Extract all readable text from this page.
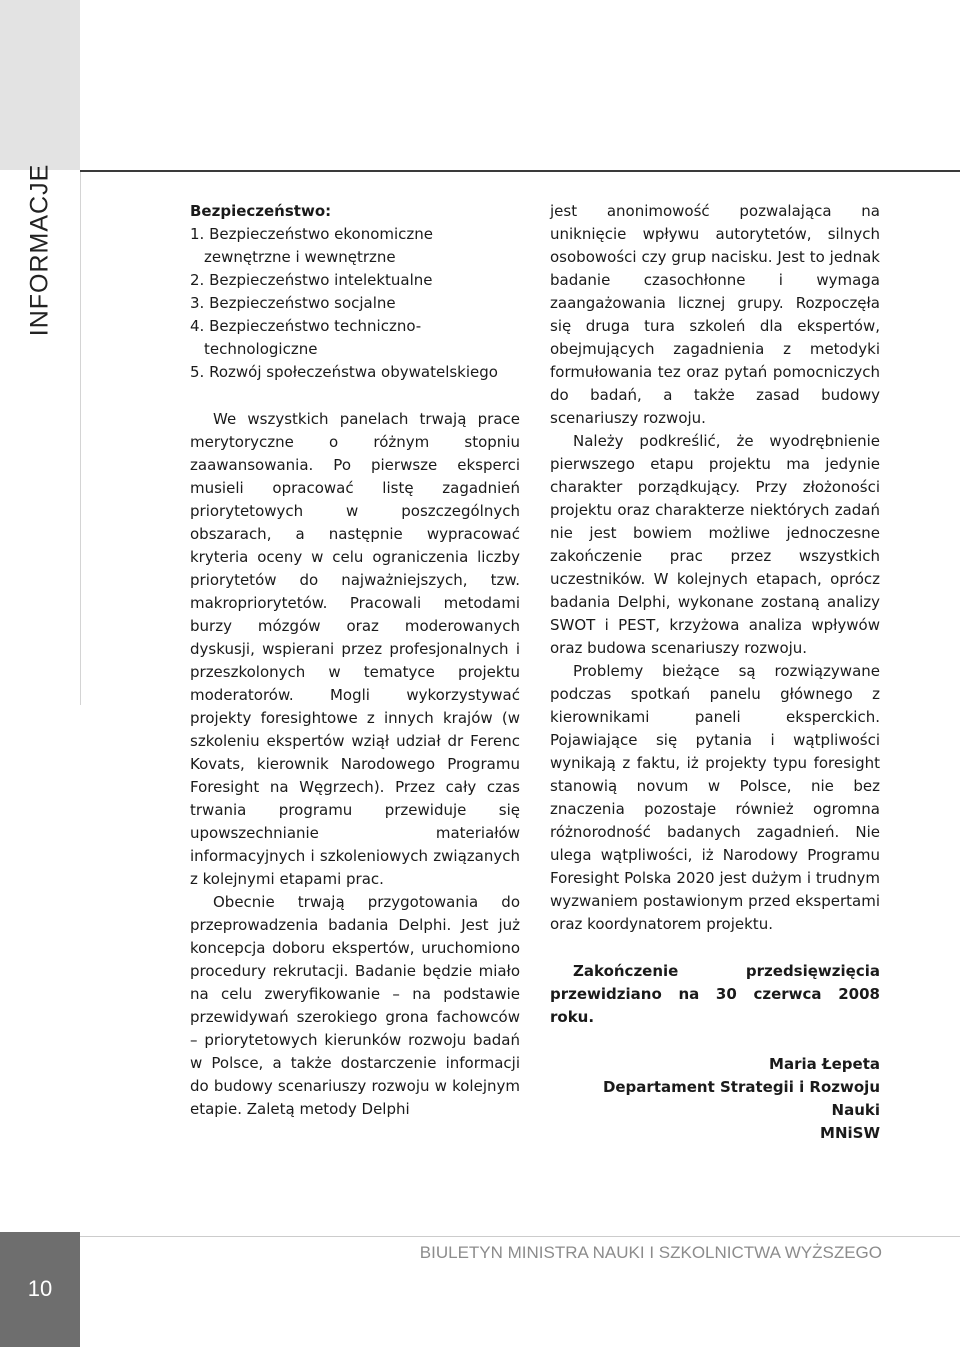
INFORMACJE	Bezpieczeństwo:

1. Bezpieczeństwo ekonomiczne zewnętrzne i wewnętrzne
2. Bezpieczeństwo intelektualne
3. Bezpieczeństwo socjalne
4. Bezpieczeństwo techniczno-technologiczne
5. Rozwój społeczeństwa obywatelskiego

We wszystkich panelach trwają prace merytoryczne o różnym stopniu zaawansowania. Po pierwsze eksperci musieli opracować listę zagadnień priorytetowych w poszczególnych obszarach, a następnie wypracować kryteria oceny w celu ograniczenia liczby priorytetów do najważniejszych, tzw. makropriorytetów. Pracowali metodami burzy mózgów oraz moderowanych dyskusji, wspierani przez profesjonalnych i przeszkolonych w tematyce projektu moderatorów. Mogli wykorzystywać projekty foresightowe z innych krajów (w szkoleniu ekspertów wziął udział dr Ferenc Kovats, kierownik Narodowego Programu Foresight na Węgrzech). Przez cały czas trwania programu przewiduje się upowszechnianie materiałów informacyjnych i szkoleniowych związanych z kolejnymi etapami prac.

Obecnie trwają przygotowania do przeprowadzenia badania Delphi. Jest już koncepcja doboru ekspertów, uruchomiono procedury rekrutacji. Badanie będzie miało na celu zweryfikowanie – na podstawie przewidywań szerokiego grona fachowców – priorytetowych kierunków rozwoju badań w Polsce, a także dostarczenie informacji do budowy scenariuszy rozwoju w kolejnym etapie. Zaletą metody Delphi

jest anonimowość pozwalająca na uniknięcie wpływu autorytetów, silnych osobowości czy grup nacisku. Jest to jednak badanie czasochłonne i wymaga zaangażowania licznej grupy. Rozpoczęła się druga tura szkoleń dla ekspertów, obejmujących zagadnienia z metodyki formułowania tez oraz pytań pomocniczych do badań, a także zasad budowy scenariuszy rozwoju.

Należy podkreślić, że wyodrębnienie pierwszego etapu projektu ma jedynie charakter porządkujący. Przy złożoności projektu oraz charakterze niektórych zadań nie jest bowiem możliwe jednoczesne zakończenie prac przez wszystkich uczestników. W kolejnych etapach, oprócz badania Delphi, wykonane zostaną analizy SWOT i PEST, krzyżowa analiza wpływów oraz budowa scenariuszy rozwoju.

Problemy bieżące są rozwiązywane podczas spotkań panelu głównego z kierownikami paneli eksperckich. Pojawiające się pytania i wątpliwości wynikają z faktu, iż projekty typu foresight stanowią novum w Polsce, nie bez znaczenia pozostaje również ogromna różnorodność badanych zagadnień. Nie ulega wątpliwości, iż Narodowy Programu Foresight Polska 2020 jest dużym i trudnym wyzwaniem postawionym przed ekspertami oraz koordynatorem projektu.

Zakończenie przedsięwzięcia przewidziano na 30 czerwca 2008 roku.

Maria Łepeta
Departament Strategii i Rozwoju Nauki
MNiSW
BIULETYN MINISTRA NAUKI I SZKOLNICTWA WYŻSZEGO
10
